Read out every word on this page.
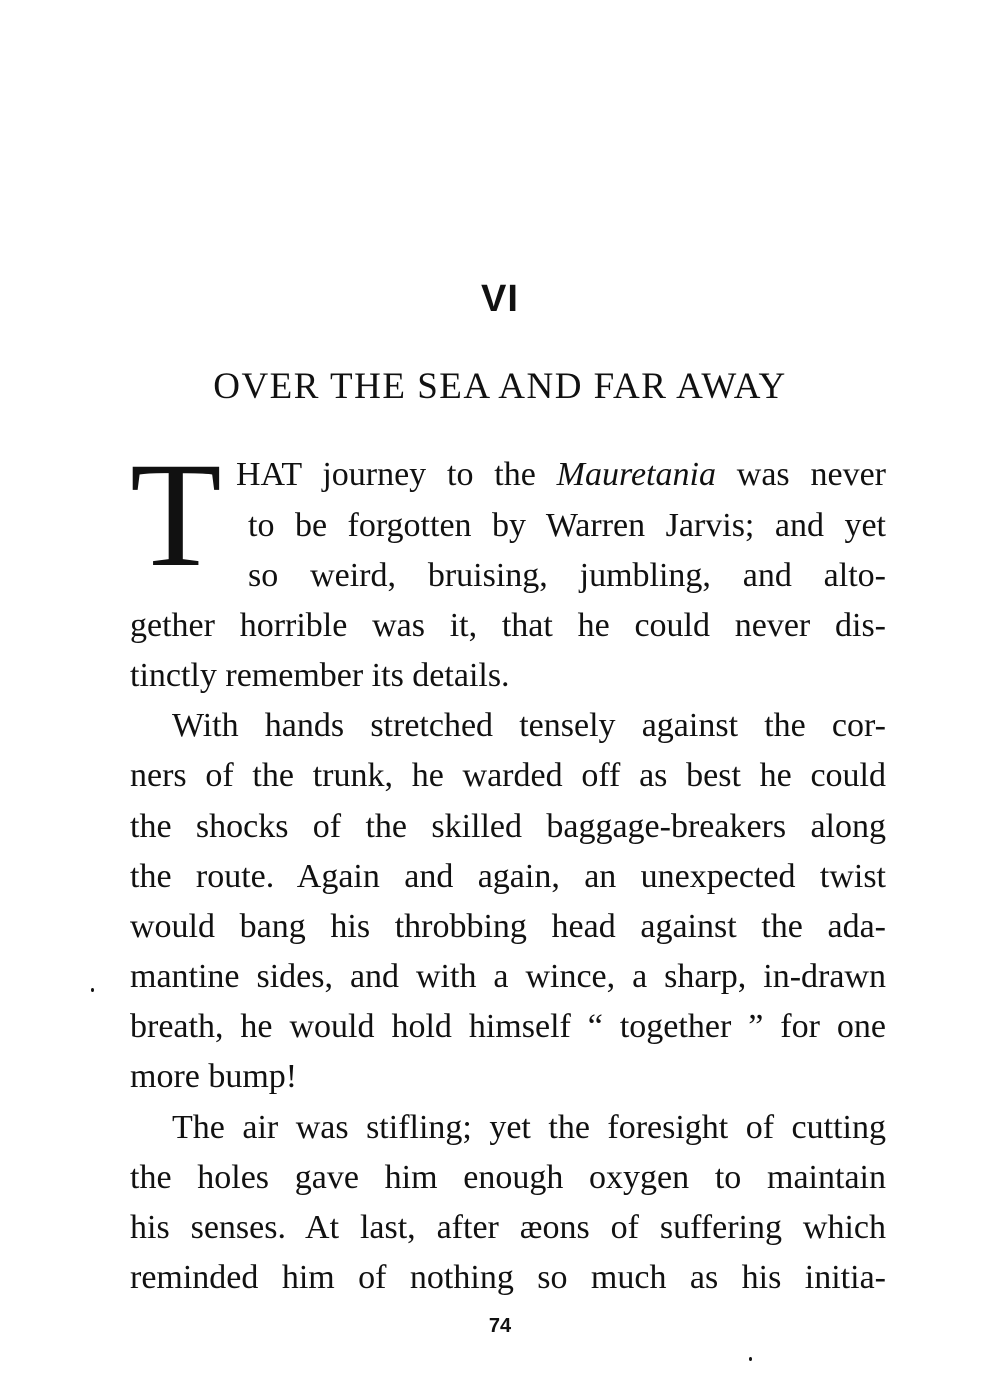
VI
OVER THE SEA AND FAR AWAY
T HAT journey to the Mauretania was never
to be forgotten by Warren Jarvis; and yet
so weird, bruising, jumbling, and alto-
gether horrible was it, that he could never dis-
tinctly remember its details.
With hands stretched tensely against the cor-
ners of the trunk, he warded off as best he could
the shocks of the skilled baggage-breakers along
the route. Again and again, an unexpected twist
would bang his throbbing head against the ada-
mantine sides, and with a wince, a sharp, in-drawn
breath, he would hold himself “ together ” for one
more bump!
The air was stifling; yet the foresight of cutting
the holes gave him enough oxygen to maintain
his senses. At last, after æons of suffering which
reminded him of nothing so much as his initia-
74
